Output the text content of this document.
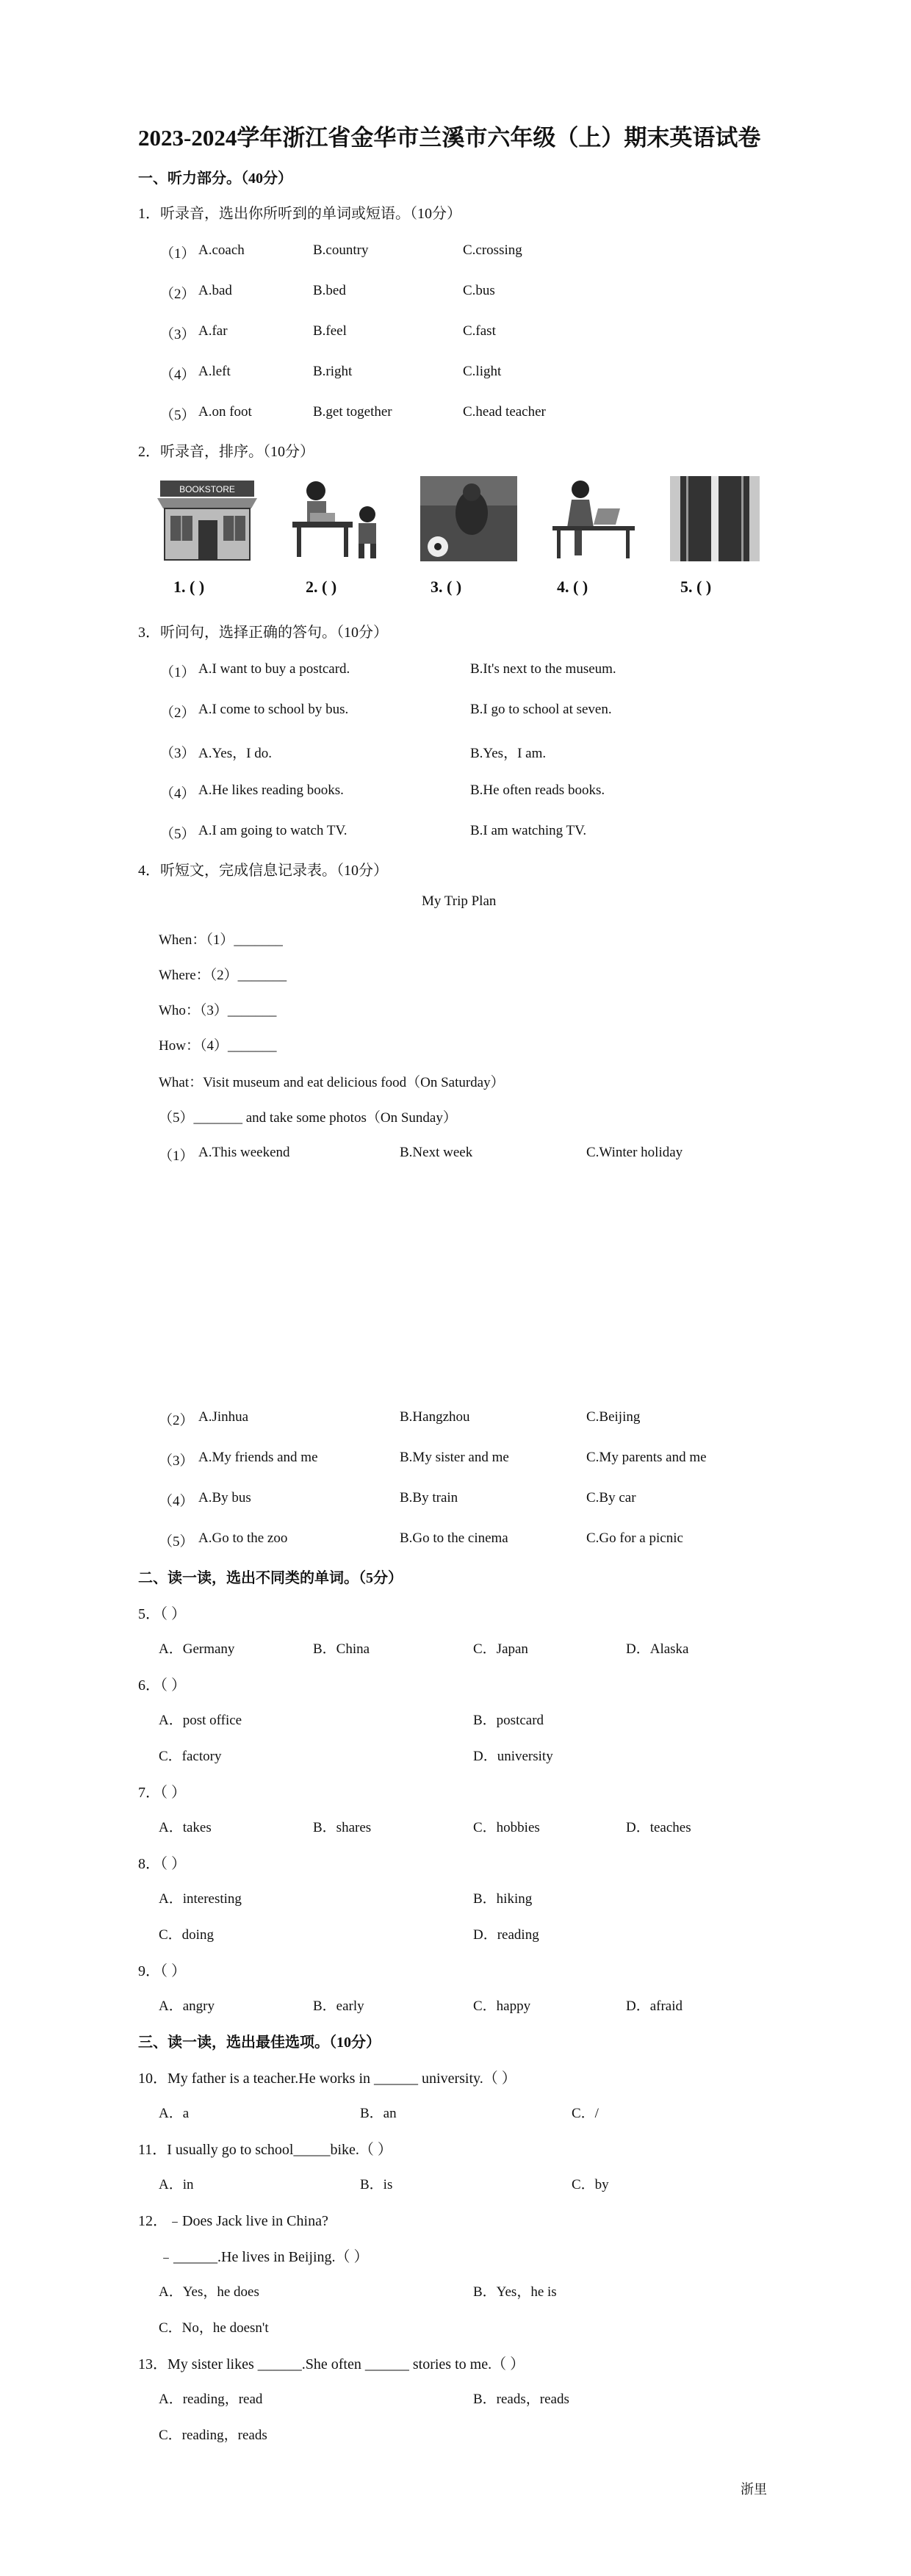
2023-2024学年浙江省金华市兰溪市六年级（上）期末英语试卷
一、听力部分。（40分）
1．听录音，选出你所听到的单词或短语。（10分）
（1） A.coach	B.country	C.crossing
（2） A.bad	B.bed	C.bus
（3） A.far	B.feel	C.fast
（4） A.left	B.right	C.light
（5） A.on foot	B.get together	C.head teacher
2．听录音，排序。（10分）
BOOKSTORE
1. ( )	2. ( )	3. ( )	4. ( )	5. ( )
3．听问句，选择正确的答句。（10分）
（1） A.I want to buy a postcard.	B.It's next to the museum.
（2） A.I come to school by bus.	B.I go to school at seven.
（3） A.Yes，I do.	B.Yes，I am.
（4） A.He likes reading books.	B.He often reads books.
（5） A.I am going to watch TV.	B.I am watching TV.
4．听短文，完成信息记录表。（10分）
My Trip Plan
When：（1）_______
Where：（2）_______
Who：（3）_______
How：（4）_______
What：Visit museum and eat delicious food（On Saturday）
（5）_______ and take some photos（On Sunday）
（1） A.This weekend	B.Next week	C.Winter holiday
（2） A.Jinhua	B.Hangzhou	C.Beijing
（3） A.My friends and me	B.My sister and me	C.My parents and me
（4） A.By bus	B.By train	C.By car
（5） A.Go to the zoo	B.Go to the cinema	C.Go for a picnic
二、读一读，选出不同类的单词。（5分）
5．（ ）
A．Germany	B．China	C．Japan	D．Alaska
6．（ ）
A．post office	B．postcard
C．factory	D．university
7．（ ）
A．takes	B．shares	C．hobbies	D．teaches
8．（ ）
A．interesting	B．hiking
C．doing	D．reading
9．（ ）
A．angry	B．early	C．happy	D．afraid
三、读一读，选出最佳选项。（10分）
10．My father is a teacher.He works in ______ university.（ ）
A．a	B．an	C．/
11．I usually go to school_____bike.（ ）
A．in	B．is	C．by
12．﹣Does Jack live in China?
﹣______.He lives in Beijing.（ ）
A．Yes，he does	B．Yes，he is
C．No，he doesn't
13．My sister likes ______.She often ______ stories to me.（ ）
A．reading，read	B．reads，reads
C．reading，reads
浙里
